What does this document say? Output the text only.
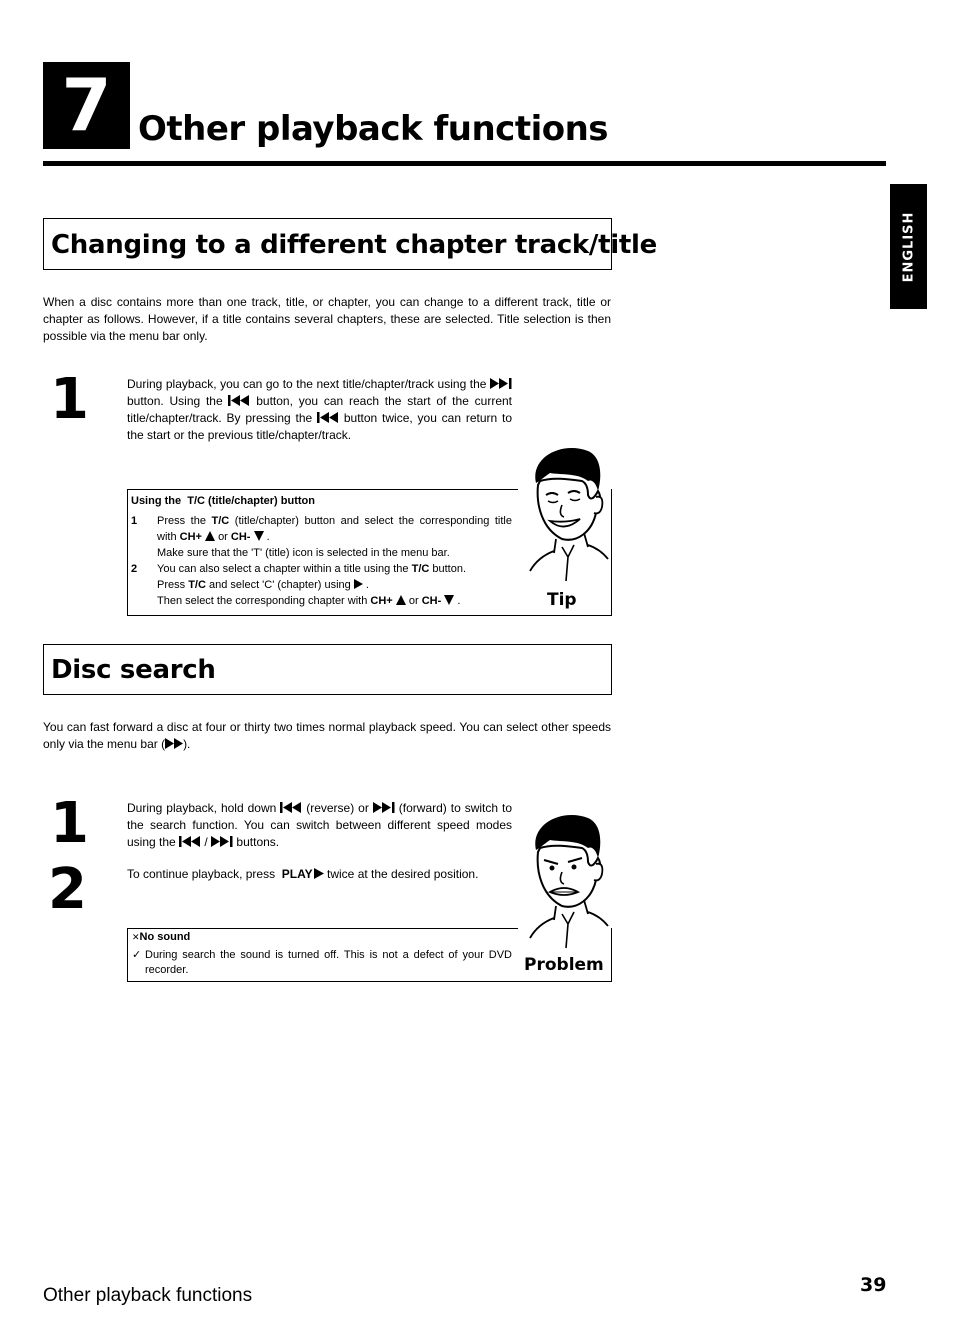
7 Other playback functions
ENGLISH
Changing to a different chapter track/title
When a disc contains more than one track, title, or chapter, you can change to a different track, title or chapter as follows. However, if a title contains several chapters, these are selected. Title selection is then possible via the menu bar only.
1	During playback, you can go to the next title/chapter/track using the  button. Using the	button, you can reach the start of the current title/chapter/track. By pressing the	button twice, you can return to the start or the previous title/chapter/track.
Using the T/C (title/chapter) button
1	Press the T/C (title/chapter) button and select the corresponding title with CH+ or CH-  .
Make sure that the 'T' (title) icon is selected in the menu bar.
2	You can also select a chapter within a title using the T/C button.
Press T/C and select 'C' (chapter) using  .
Then select the corresponding chapter with CH+ or CH-  .	Tip
Disc search
You can fast forward a disc at four or thirty two times normal playback speed. You can select other speeds only via the menu bar ( ).
1	During playback, hold down (reverse) or (forward) to switch to the search function. You can switch between different speed modes using the / buttons.
2	To continue playback, press PLAY twice at the desired position.
✕No sound
✓ During search the sound is turned off. This is not a defect of your DVD recorder.	Problem
Other playback functions	39
